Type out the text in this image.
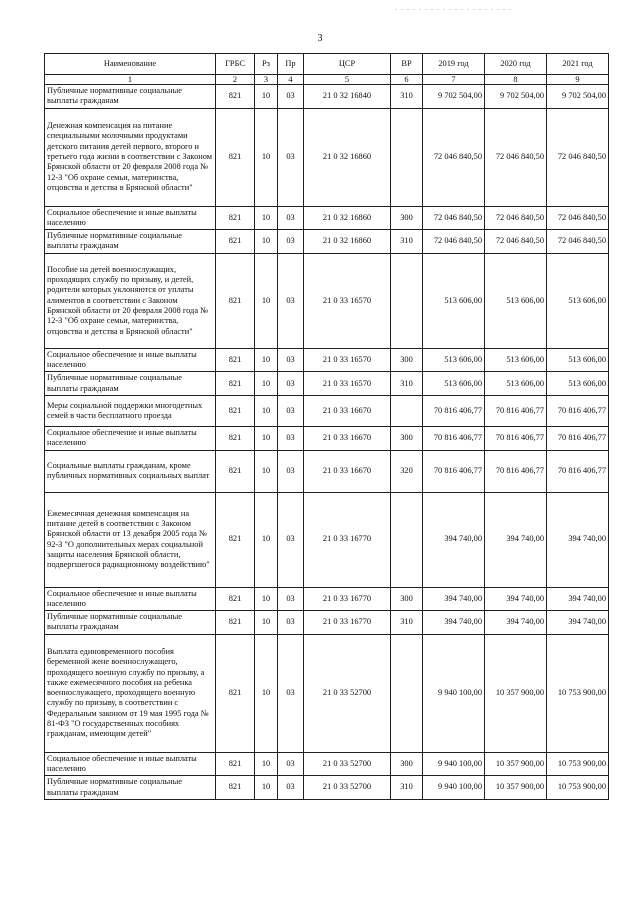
. . . . . . . . . . . . . . . . . . . .
3
Наименование	ГРБС	Рз	Пр	ЦСР	ВР	2019 год	2020 год	2021 год
1	2	3	4	5	6	7	8	9
Публичные нормативные социальные выплаты гражданам	821	10	03	21 0 32 16840	310	9 702 504,00	9 702 504,00	9 702 504,00
Денежная компенсация на питание специальными молочными продуктами детского питания детей первого, второго и третьего года жизни в соответствии с Законом Брянской области от 20 февраля 2008 года № 12-З "Об охране семьи, материнства, отцовства и детства в Брянской области"	821	10	03	21 0 32 16860		72 046 840,50	72 046 840,50	72 046 840,50
Социальное обеспечение и иные выплаты населению	821	10	03	21 0 32 16860	300	72 046 840,50	72 046 840,50	72 046 840,50
Публичные нормативные социальные выплаты гражданам	821	10	03	21 0 32 16860	310	72 046 840,50	72 046 840,50	72 046 840,50
Пособие на детей военнослужащих, проходящих службу по призыву, и детей, родители которых уклоняются от уплаты алиментов в соответствии с Законом Брянской области от 20 февраля 2008 года № 12-З "Об охране семьи, материнства, отцовства и детства в Брянской области"	821	10	03	21 0 33 16570		513 606,00	513 606,00	513 606,00
Социальное обеспечение и иные выплаты населению	821	10	03	21 0 33 16570	300	513 606,00	513 606,00	513 606,00
Публичные нормативные социальные выплаты гражданам	821	10	03	21 0 33 16570	310	513 606,00	513 606,00	513 606,00
Меры социальной поддержки многодетных семей в части бесплатного проезда	821	10	03	21 0 33 16670		70 816 406,77	70 816 406,77	70 816 406,77
Социальное обеспечение и иные выплаты населению	821	10	03	21 0 33 16670	300	70 816 406,77	70 816 406,77	70 816 406,77
Социальные выплаты гражданам, кроме публичных нормативных социальных выплат	821	10	03	21 0 33 16670	320	70 816 406,77	70 816 406,77	70 816 406,77
Ежемесячная денежная компенсация на питание детей в соответствии с Законом Брянской области от 13 декабря 2005 года № 92-З "О дополнительных мерах социальной защиты населения Брянской области, подвергшегося радиационному воздействию"	821	10	03	21 0 33 16770		394 740,00	394 740,00	394 740,00
Социальное обеспечение и иные выплаты населению	821	10	03	21 0 33 16770	300	394 740,00	394 740,00	394 740,00
Публичные нормативные социальные выплаты гражданам	821	10	03	21 0 33 16770	310	394 740,00	394 740,00	394 740,00
Выплата единовременного пособия беременной жене военнослужащего, проходящего военную службу по призыву, а также ежемесячного пособия на ребенка военнослужащего, проходящего военную службу по призыву, в соответствии с Федеральным законом от 19 мая 1995 года № 81-ФЗ "О государственных пособиях гражданам, имеющим детей"	821	10	03	21 0 33 52700		9 940 100,00	10 357 900,00	10 753 900,00
Социальное обеспечение и иные выплаты населению	821	10	03	21 0 33 52700	300	9 940 100,00	10 357 900,00	10 753 900,00
Публичные нормативные социальные выплаты гражданам	821	10	03	21 0 33 52700	310	9 940 100,00	10 357 900,00	10 753 900,00
